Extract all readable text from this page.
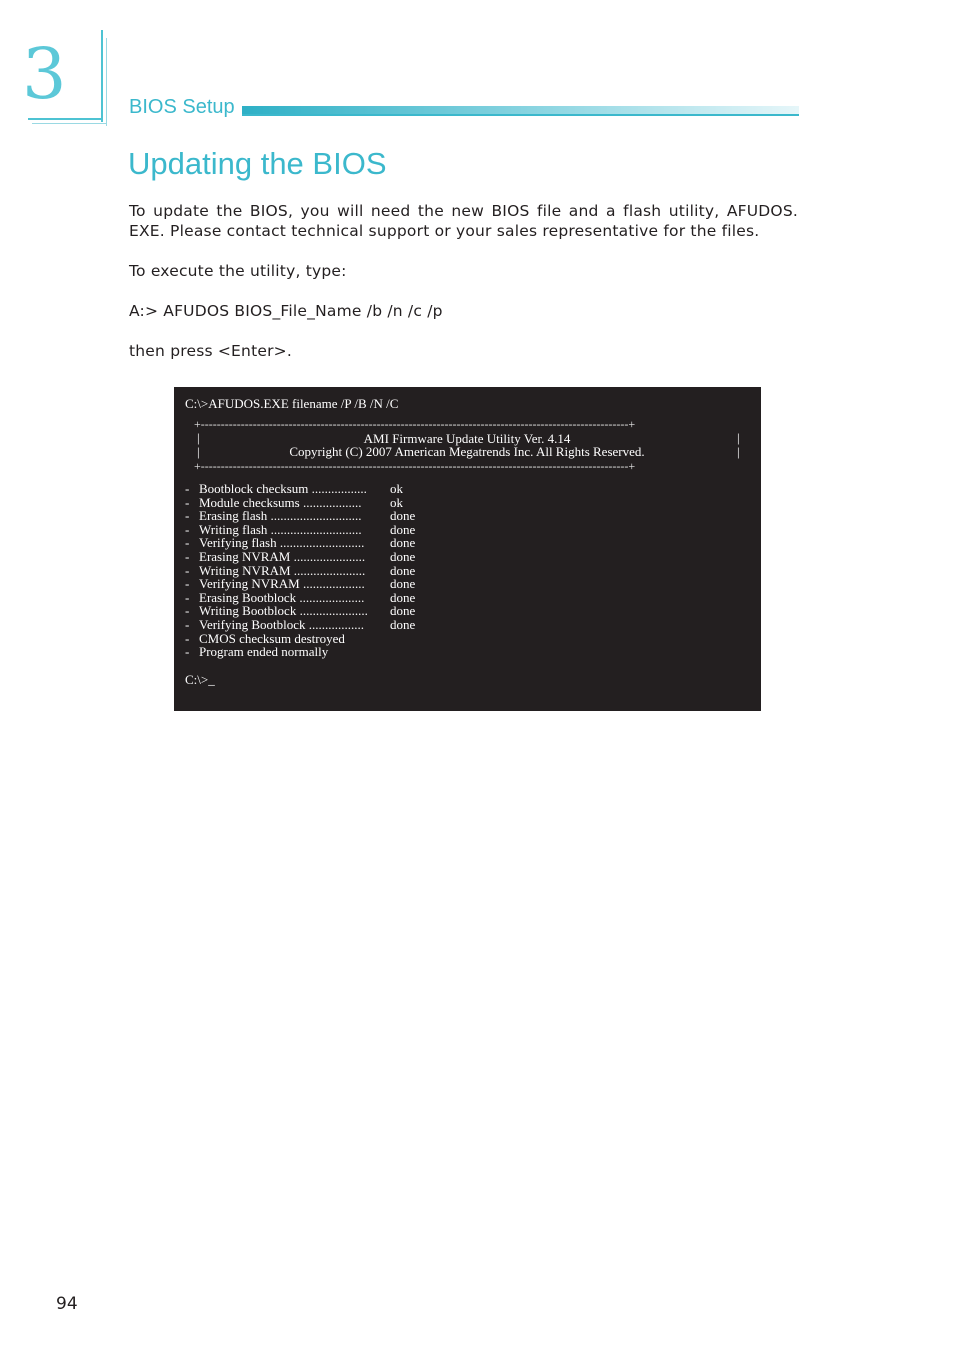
3	BIOS Setup
Updating the BIOS

To update the BIOS, you will need the new BIOS file and a flash utility, AFUDOS. EXE. Please contact technical support or your sales representative for the files.

To execute the utility, type:

A:> AFUDOS BIOS_File_Name /b /n /c /p

then press <Enter>.

C:\>AFUDOS.EXE filename /P /B /N /C
+-----------------------------------------------------------------------------------------------------------+
|	|
AMI Firmware Update Utility Ver. 4.14
|	|
Copyright (C) 2007 American Megatrends Inc. All Rights Reserved.
+-----------------------------------------------------------------------------------------------------------+
- Bootblock checksum ................. ok
- Module checksums .................. ok
- Erasing flash ............................ done
- Writing flash ............................ done
- Verifying flash .......................... done
- Erasing NVRAM ...................... done
- Writing NVRAM ...................... done
- Verifying NVRAM ................... done
- Erasing Bootblock .................... done
- Writing Bootblock ..................... done
- Verifying Bootblock ................. done
- CMOS checksum destroyed
- Program ended normally
C:\>_
94
